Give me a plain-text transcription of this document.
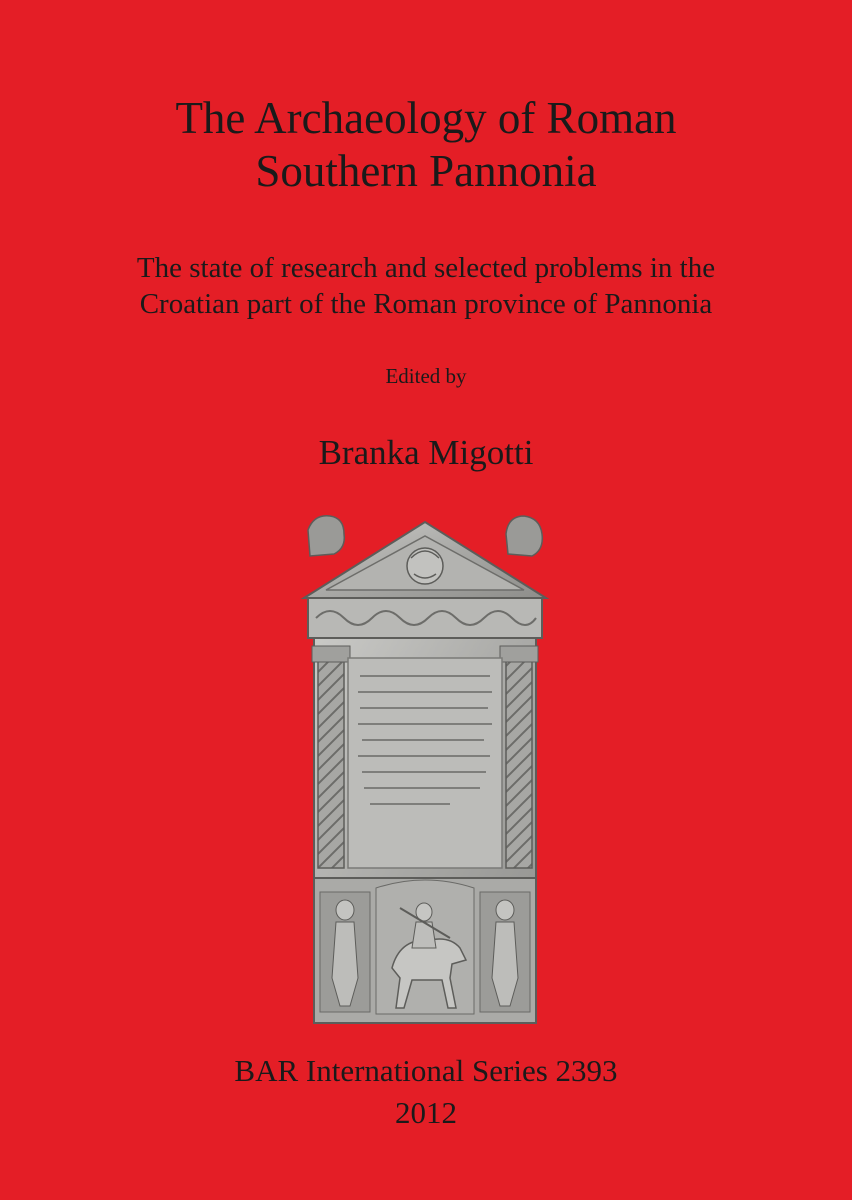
The Archaeology of Roman
Southern Pannonia

The state of research and selected problems in the
Croatian part of the Roman province of Pannonia

Edited by
Branka Migotti
BAR International Series 2393
2012
